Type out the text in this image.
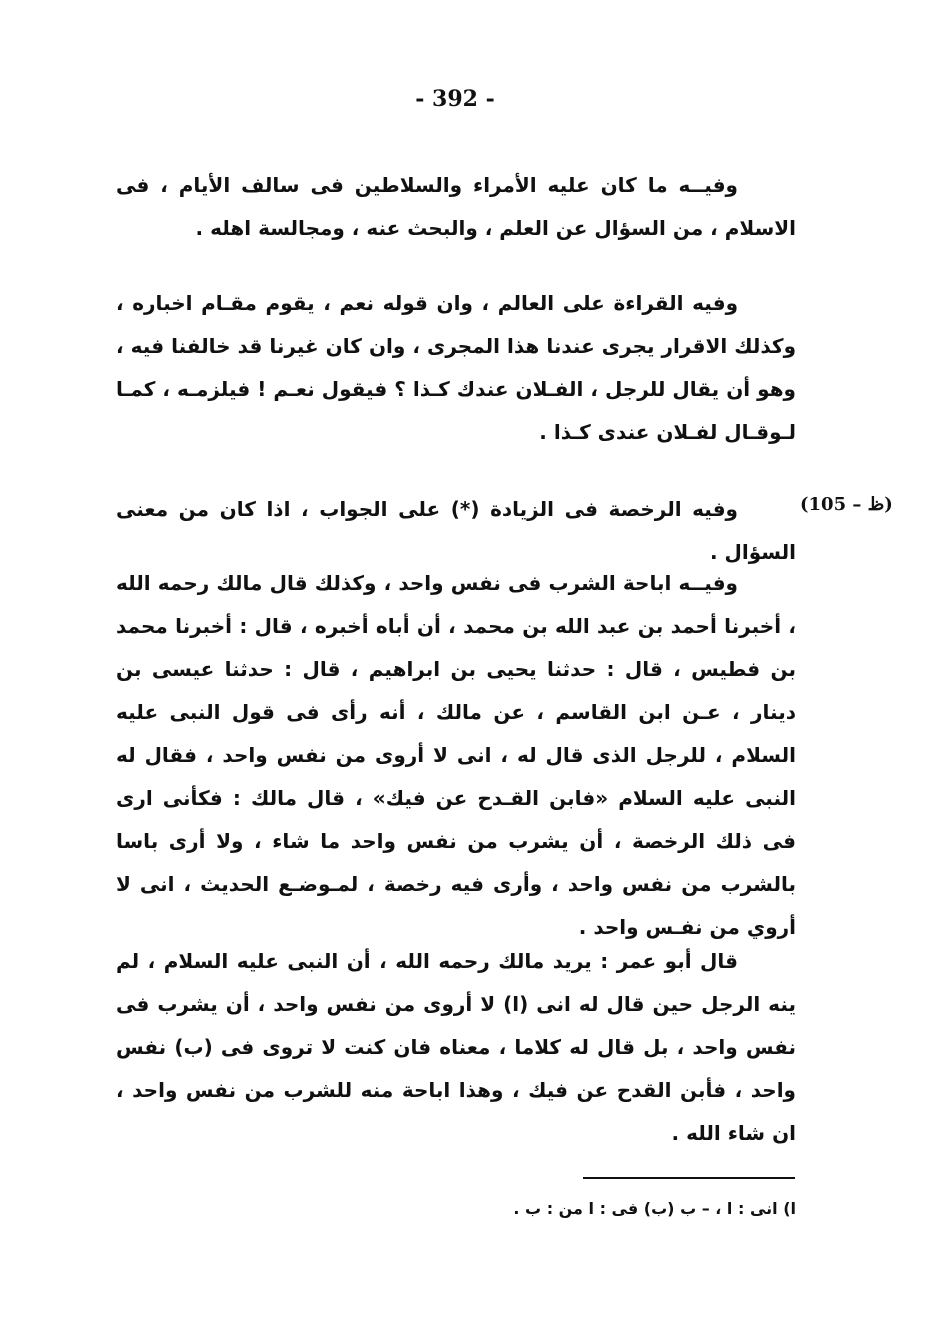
- 392 -
وفيــه ما كان عليه الأمراء والسلاطين فى سالف الأيام ، فى الاسلام ، من السؤال عن العلم ، والبحث عنه ، ومجالسة اهله .
وفيه القراءة على العالم ، وان قوله نعم ، يقوم مقـام اخباره ، وكذلك الاقرار يجرى عندنا هذا المجرى ، وان كان غيرنا قد خالفنا فيه ، وهو أن يقال للرجل ، الفـلان عندك كـذا ؟ فيقول نعـم ! فيلزمـه ، كمـا لـوقـال لفـلان عندى كـذا .
(105 – ظ)
وفيه الرخصة فى الزيادة (*) على الجواب ، اذا كان من معنى السؤال .
وفيــه اباحة الشرب فى نفس واحد ، وكذلك قال مالك رحمه الله ، أخبرنا أحمد بن عبد الله بن محمد ، أن أباه أخبره ، قال : أخبرنا محمد بن فطيس ، قال : حدثنا يحيى بن ابراهيم ، قال : حدثنا عيسى بن دينار ، عـن ابن القاسم ، عن مالك ، أنه رأى فى قول النبى عليه السلام ، للرجل الذى قال له ، انى لا أروى من نفس واحد ، فقال له النبى عليه السلام «فابن القـدح عن فيك» ، قال مالك : فكأنى ارى فى ذلك الرخصة ، أن يشرب من نفس واحد ما شاء ، ولا أرى باسا بالشرب من نفس واحد ، وأرى فيه رخصة ، لمـوضـع الحديث ، انى لا أروي من نفـس واحد .
قال أبو عمر : يريد مالك رحمه الله ، أن النبى عليه السلام ، لم ينه الرجل حين قال له انى (ا) لا أروى من نفس واحد ، أن يشرب فى نفس واحد ، بل قال له كلاما ، معناه فان كنت لا تروى فى (ب) نفس واحد ، فأبن القدح عن فيك ، وهذا اباحة منه للشرب من نفس واحد ، ان شاء الله .
ا) انى : ا ، – ب (ب) فى : ا من : ب .
